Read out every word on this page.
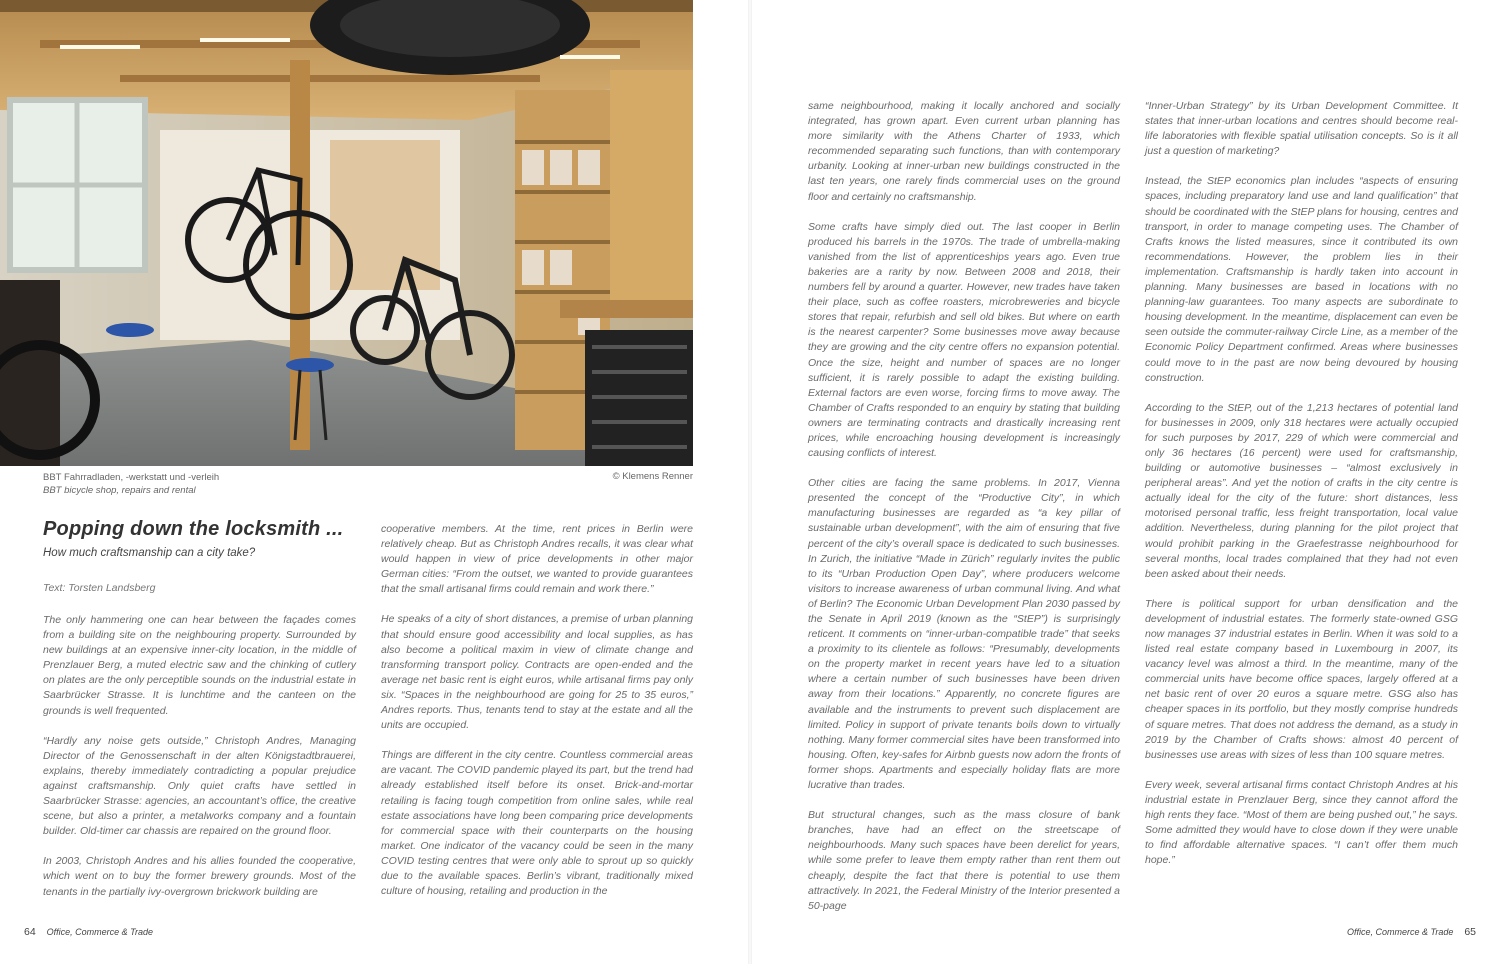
BBT Fahrradladen, -werkstatt und -verleih
BBT bicycle shop, repairs and rental
© Klemens Renner
Popping down the locksmith ...
How much craftsmanship can a city take?
Text: Torsten Landsberg

The only hammering one can hear between the façades comes from a building site on the neighbouring property. Surrounded by new buildings at an expensive inner-city location, in the middle of Prenzlauer Berg, a muted electric saw and the chinking of cutlery on plates are the only perceptible sounds on the industrial estate in Saarbrücker Strasse. It is lunchtime and the canteen on the grounds is well frequented.

“Hardly any noise gets outside,” Christoph Andres, Managing Director of the Genossenschaft in der alten Königstadtbrauerei, explains, thereby immediately contradicting a popular prejudice against craftsmanship. Only quiet crafts have settled in Saarbrücker Strasse: agencies, an accountant’s office, the creative scene, but also a printer, a metalworks company and a fountain builder. Old-timer car chassis are repaired on the ground floor.

In 2003, Christoph Andres and his allies founded the cooperative, which went on to buy the former brewery grounds. Most of the tenants in the partially ivy-overgrown brickwork building are

cooperative members. At the time, rent prices in Berlin were relatively cheap. But as Christoph Andres recalls, it was clear what would happen in view of price developments in other major German cities: “From the outset, we wanted to provide guarantees that the small artisanal firms could remain and work there.”

He speaks of a city of short distances, a premise of urban planning that should ensure good accessibility and local supplies, as has also become a political maxim in view of climate change and transforming transport policy. Contracts are open-ended and the average net basic rent is eight euros, while artisanal firms pay only six. “Spaces in the neighbourhood are going for 25 to 35 euros,” Andres reports. Thus, tenants tend to stay at the estate and all the units are occupied.

Things are different in the city centre. Countless commercial areas are vacant. The COVID pandemic played its part, but the trend had already established itself before its onset. Brick-and-mortar retailing is facing tough competition from online sales, while real estate associations have long been comparing price developments for commercial space with their counterparts on the housing market. One indicator of the vacancy could be seen in the many COVID testing centres that were only able to sprout up so quickly due to the available spaces. Berlin’s vibrant, traditionally mixed culture of housing, retailing and production in the

same neighbourhood, making it locally anchored and socially integrated, has grown apart. Even current urban planning has more similarity with the Athens Charter of 1933, which recommended separating such functions, than with contemporary urbanity. Looking at inner-urban new buildings constructed in the last ten years, one rarely finds commercial uses on the ground floor and certainly no craftsmanship.

Some crafts have simply died out. The last cooper in Berlin produced his barrels in the 1970s. The trade of umbrella-making vanished from the list of apprenticeships years ago. Even true bakeries are a rarity by now. Between 2008 and 2018, their numbers fell by around a quarter. However, new trades have taken their place, such as coffee roasters, microbreweries and bicycle stores that repair, refurbish and sell old bikes. But where on earth is the nearest carpenter? Some businesses move away because they are growing and the city centre offers no expansion potential. Once the size, height and number of spaces are no longer sufficient, it is rarely possible to adapt the existing building. External factors are even worse, forcing firms to move away. The Chamber of Crafts responded to an enquiry by stating that building owners are terminating contracts and drastically increasing rent prices, while encroaching housing development is increasingly causing conflicts of interest.

Other cities are facing the same problems. In 2017, Vienna presented the concept of the “Productive City”, in which manufacturing businesses are regarded as “a key pillar of sustainable urban development”, with the aim of ensuring that five percent of the city’s overall space is dedicated to such businesses. In Zurich, the initiative “Made in Zürich” regularly invites the public to its “Urban Production Open Day”, where producers welcome visitors to increase awareness of urban communal living. And what of Berlin? The Economic Urban Development Plan 2030 passed by the Senate in April 2019 (known as the “StEP”) is surprisingly reticent. It comments on “inner-urban-compatible trade” that seeks a proximity to its clientele as follows: “Presumably, developments on the property market in recent years have led to a situation where a certain number of such businesses have been driven away from their locations.” Apparently, no concrete figures are available and the instruments to prevent such displacement are limited. Policy in support of private tenants boils down to virtually nothing. Many former commercial sites have been transformed into housing. Often, key-safes for Airbnb guests now adorn the fronts of former shops. Apartments and especially holiday flats are more lucrative than trades.

But structural changes, such as the mass closure of bank branches, have had an effect on the streetscape of neighbourhoods. Many such spaces have been derelict for years, while some prefer to leave them empty rather than rent them out cheaply, despite the fact that there is potential to use them attractively. In 2021, the Federal Ministry of the Interior presented a 50-page

“Inner-Urban Strategy” by its Urban Development Committee. It states that inner-urban locations and centres should become real-life laboratories with flexible spatial utilisation concepts. So is it all just a question of marketing?

Instead, the StEP economics plan includes “aspects of ensuring spaces, including preparatory land use and land qualification” that should be coordinated with the StEP plans for housing, centres and transport, in order to manage competing uses. The Chamber of Crafts knows the listed measures, since it contributed its own recommendations. However, the problem lies in their implementation. Craftsmanship is hardly taken into account in planning. Many businesses are based in locations with no planning-law guarantees. Too many aspects are subordinate to housing development. In the meantime, displacement can even be seen outside the commuter-railway Circle Line, as a member of the Economic Policy Department confirmed. Areas where businesses could move to in the past are now being devoured by housing construction.

According to the StEP, out of the 1,213 hectares of potential land for businesses in 2009, only 318 hectares were actually occupied for such purposes by 2017, 229 of which were commercial and only 36 hectares (16 percent) were used for craftsmanship, building or automotive businesses – “almost exclusively in peripheral areas”. And yet the notion of crafts in the city centre is actually ideal for the city of the future: short distances, less motorised personal traffic, less freight transportation, local value addition. Nevertheless, during planning for the pilot project that would prohibit parking in the Graefestrasse neighbourhood for several months, local trades complained that they had not even been asked about their needs.

There is political support for urban densification and the development of industrial estates. The formerly state-owned GSG now manages 37 industrial estates in Berlin. When it was sold to a listed real estate company based in Luxembourg in 2007, its vacancy level was almost a third. In the meantime, many of the commercial units have become office spaces, largely offered at a net basic rent of over 20 euros a square metre. GSG also has cheaper spaces in its portfolio, but they mostly comprise hundreds of square metres. That does not address the demand, as a study in 2019 by the Chamber of Crafts shows: almost 40 percent of businesses use areas with sizes of less than 100 square metres.

Every week, several artisanal firms contact Christoph Andres at his industrial estate in Prenzlauer Berg, since they cannot afford the high rents they face. “Most of them are being pushed out,” he says. Some admitted they would have to close down if they were unable to find affordable alternative spaces. “I can’t offer them much hope.”

64 Office, Commerce & Trade	Office, Commerce & Trade 65
